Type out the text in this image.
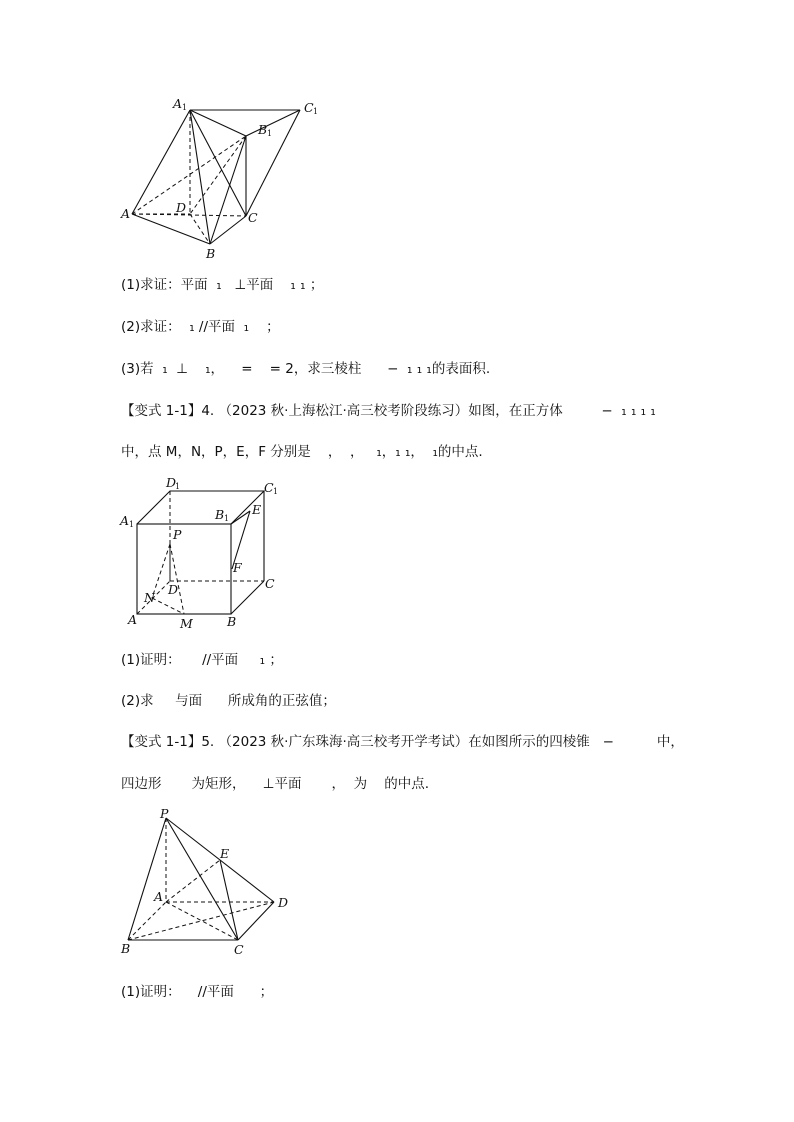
A 1	C 1
B 1
A	D
C
B
(1)求证：平面  ₁   ⊥平面    ₁ ₁ ；
(2)求证：  ₁ //平面  ₁    ；
(3)若  ₁  ⊥    ₁，    =    = 2，求三棱柱      −  ₁ ₁ ₁的表面积.
【变式 1-1】4. （2023 秋·上海松江·高三校考阶段练习）如图，在正方体         −  ₁ ₁ ₁ ₁
中，点 M，N，P，E，F 分别是    ，  ，   ₁，₁ ₁，  ₁的中点.
D
1	C 1
A 1
B 1
E
P
F
C
D
N
A	M	B
(1)证明：     //平面     ₁ ；
(2)求     与面      所成角的正弦值；
【变式 1-1】5. （2023 秋·广东珠海·高三校考开学考试）在如图所示的四棱锥   −          中，
四边形       为矩形，    ⊥平面       ，  为    的中点.
P
E
A	D
B	C
(1)证明：    //平面      ；
